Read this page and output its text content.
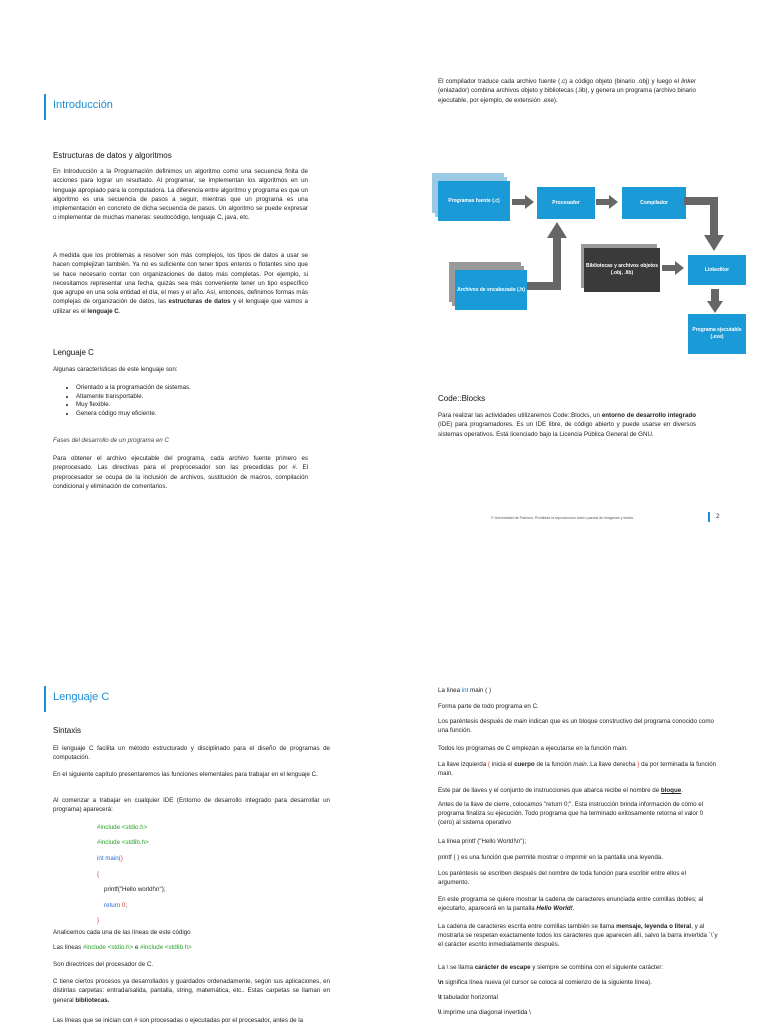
Introducción
Estructuras de datos y algoritmos
En Introducción a la Programación definimos un algoritmo como una secuencia finita de acciones para lograr un resultado. Al programar, se implementan los algoritmos en un lenguaje apropiado para la computadora. La diferencia entre algoritmo y programa es que un algoritmo es una secuencia de pasos a seguir, mientras que un programa es una implementación en concreto de dicha secuencia de pasos. Un algoritmo se puede expresar o implementar de muchas maneras: seudocódigo, lenguaje C, java, etc.
A medida que los problemas a resolver son más complejos, los tipos de datos a usar se hacen complejizan también. Ya no es suficiente con tener tipos enteros o flotantes sino que se hace necesario contar con organizaciones de datos más completas. Por ejemplo, si necesitamos representar una fecha, quizás sea más conveniente tener un tipo específico que agrupe en una sola entidad el día, el mes y el año. Así, entonces, definimos formas más complejas de organización de datos, las estructuras de datos y el lenguaje que vamos a utilizar es el lenguaje C.
Lenguaje C
Algunas características de este lenguaje son:
• Orientado a la programación de sistemas.
• Altamente transportable.
• Muy flexible.
• Genera código muy eficiente.
Fases del desarrollo de un programa en C
Para obtener el archivo ejecutable del programa, cada archivo fuente primero es preprocesado. Las directivas para el preprocesador son las precedidas por #. El preprocesador se ocupa de la inclusión de archivos, sustitución de macros, compilación condicional y eliminación de comentarios.
El compilador traduce cada archivo fuente (.c) a código objeto (binario .obj) y luego el linker (enlazador) combina archivos objeto y bibliotecas (.lib), y genera un programa (archivo binario ejecutable, por ejemplo, de extensión .exe).
Programas fuente (.c)	Procesador	Compilador
Archivos de encabezado (.h)
Bibliotecas y archivos objetos (.obj, .lib)
Linkeditor
Programa ejecutable (.exe)
Code::Blocks
Para realizar las actividades utilizaremos Code::Blocks, un entorno de desarrollo integrado (IDE) para programadores. Es un IDE libre, de código abierto y puede usarse en diversos sistemas operativos. Está licenciado bajo la Licencia Pública General de GNU.
© Universidad de Palermo. Prohibida la reproducción total o parcial de imágenes y textos.	2
Lenguaje C
Sintaxis
El lenguaje C facilita un método estructurado y disciplinado para el diseño de programas de computación.
En el siguiente capítulo presentaremos las funciones elementales para trabajar en el lenguaje C.
Al comenzar a trabajar en cualquier IDE (Entorno de desarrollo integrado para desarrollar un programa) aparecerá:
#include <stdio.h>
#include <stdlib.h>
int main()
{
printf("Hello world!\n");
return 0;
}
Analicemos cada una de las líneas de este código
Las líneas #include <stdio.h> e #include <stdlib.h>
Son directrices del procesador de C.
C tiene ciertos procesos ya desarrollados y guardados ordenadamente, según sus aplicaciones, en distintas carpetas: entrada/salida, pantalla, string, matemática, etc.. Estas carpetas se llaman en general bibliotecas.
Las líneas que se inician con # son procesadas o ejecutadas por el procesador, antes de la
La línea int main ( )
Forma parte de todo programa en C.
Los paréntesis después de main indican que es un bloque constructivo del programa conocido como una función.
Todos los programas de C empiezan a ejecutarse en la función main.
La llave izquierda { inicia el cuerpo de la función main. La llave derecha } da por terminada la función main.
Este par de llaves y el conjunto de instrucciones que abarca recibe el nombre de bloque.
Antes de la llave de cierre, colocamos "return 0;". Esta instrucción brinda información de cómo el programa finaliza su ejecución. Todo programa que ha terminado exitosamente retorna el valor 0 (cero) al sistema operativo
La línea printf ("Hello World!\n");
printf ( ) es una función que permite mostrar o imprimir en la pantalla una leyenda.
Los paréntesis se escriben después del nombre de toda función para escribir entre ellos el argumento.
En este programa se quiere mostrar la cadena de caracteres enunciada entre comillas dobles; al ejecutarlo, aparecerá en la pantalla Hello World!.
La cadena de caracteres escrita entre comillas también se llama mensaje, leyenda o literal, y al mostrarla se respetan exactamente todos los caracteres que aparecen allí, salvo la barra invertida `\`y el carácter escrito inmediatamente después.
La \ se llama carácter de escape y siempre se combina con el siguiente carácter:
\n significa línea nueva (el cursor se coloca al comienzo de la siguiente línea).
\t tabulador horizontal
\\ imprime una diagonal invertida \
